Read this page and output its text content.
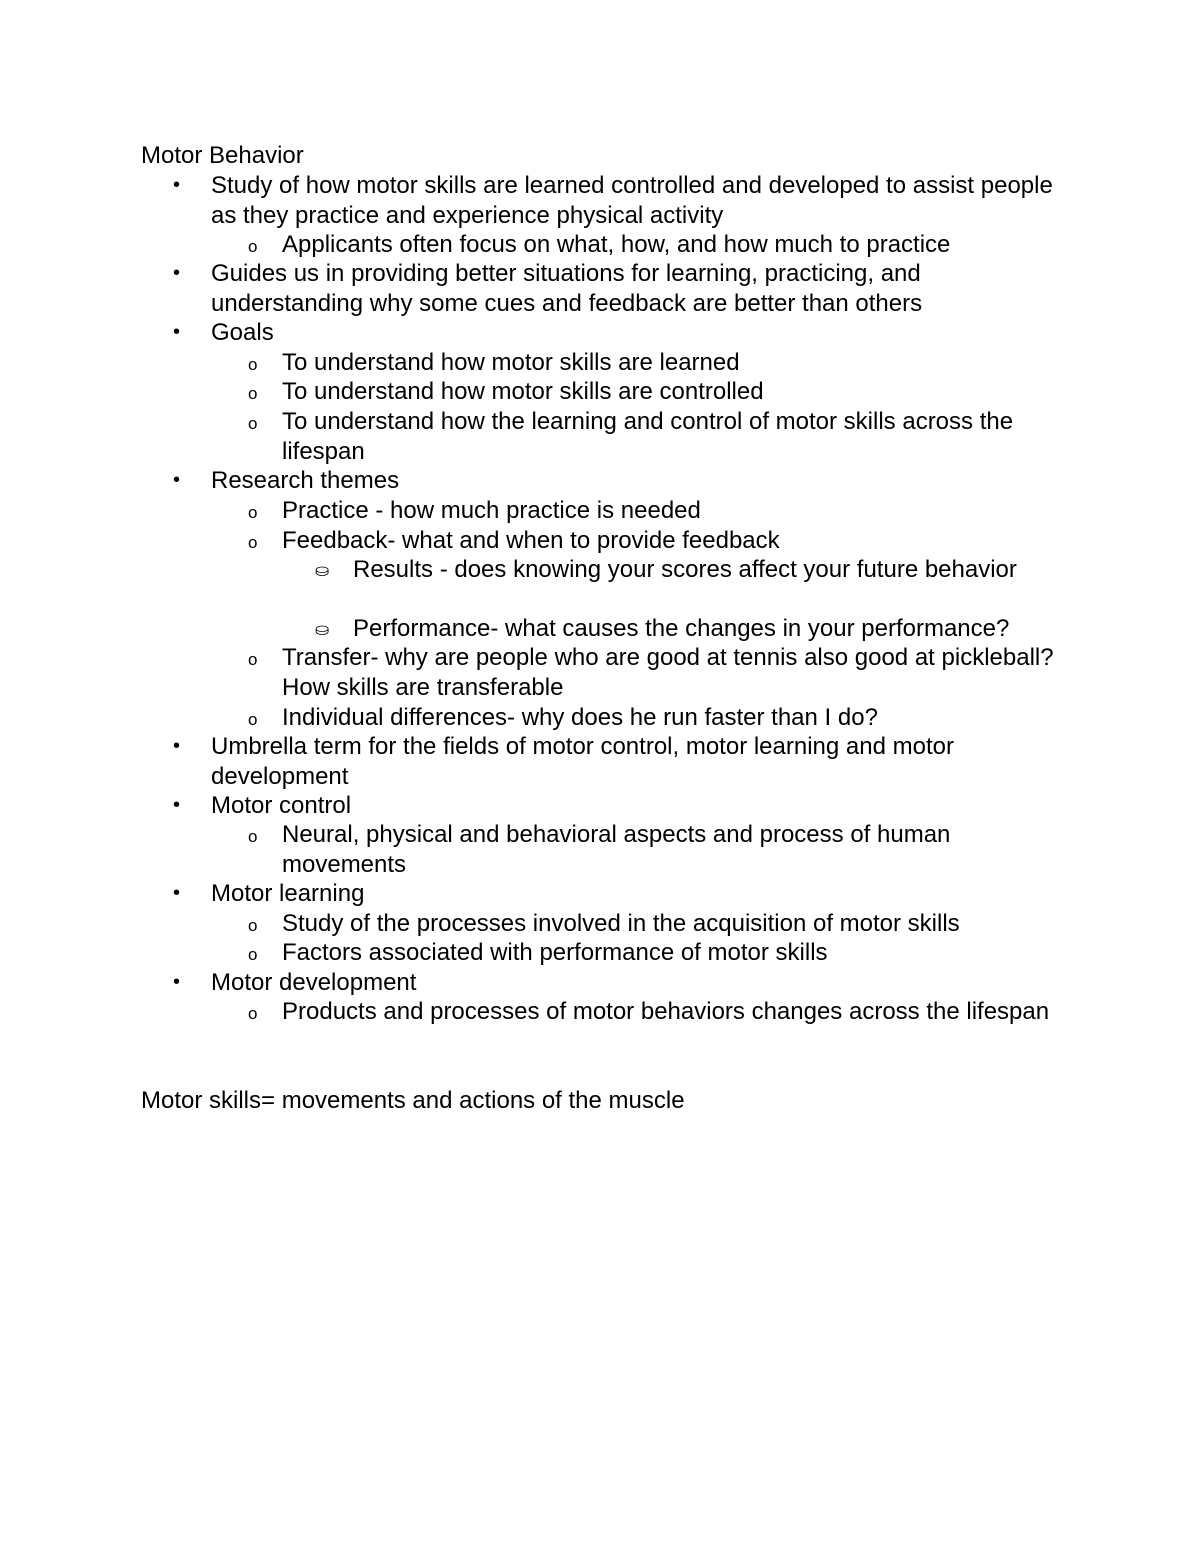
Motor Behavior
• Study of how motor skills are learned controlled and developed to assist people as they practice and experience physical activity
o Applicants often focus on what, how, and how much to practice
• Guides us in providing better situations for learning, practicing, and understanding why some cues and feedback are better than others
• Goals
o To understand how motor skills are learned
o To understand how motor skills are controlled
o To understand how the learning and control of motor skills across the lifespan
• Research themes
o Practice - how much practice is needed
o Feedback- what and when to provide feedback
⛀ Results - does knowing your scores affect your future behavior
⛀ Performance- what causes the changes in your performance?
o Transfer- why are people who are good at tennis also good at pickleball? How skills are transferable
o Individual differences- why does he run faster than I do?
• Umbrella term for the fields of motor control, motor learning and motor development
• Motor control
o Neural, physical and behavioral aspects and process of human movements
• Motor learning
o Study of the processes involved in the acquisition of motor skills
o Factors associated with performance of motor skills
• Motor development
o Products and processes of motor behaviors changes across the lifespan
Motor skills= movements and actions of the muscle
